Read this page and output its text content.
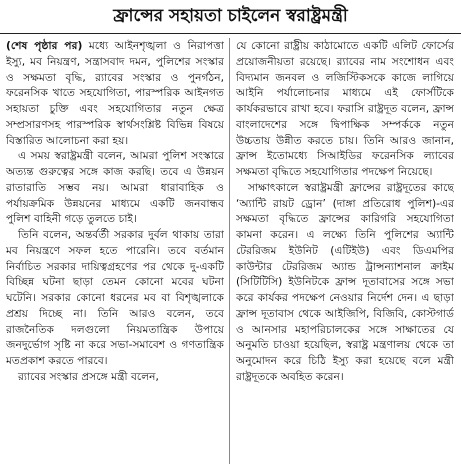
ফ্রান্সের সহায়তা চাইলেন স্বরাষ্ট্রমন্ত্রী

(শেষ পৃষ্ঠার পর) মধ্যে আইনশৃঙ্খলা ও নিরাপত্তা ইস্যু, মব নিয়ন্ত্রণ, সন্ত্রাসবাদ দমন, পুলিশের সংস্কার ও সক্ষমতা বৃদ্ধি, র‌্যাবের সংস্কার ও পুনর্গঠন, ফরেনসিক খাতে সহযোগিতা, পারস্পরিক আইনগত সহায়তা চুক্তি এবং সহযোগিতার নতুন ক্ষেত্র সম্প্রসারণসহ পারস্পরিক স্বার্থসংশ্লিষ্ট বিভিন্ন বিষয়ে বিস্তারিত আলোচনা করা হয়।

এ সময় স্বরাষ্ট্রমন্ত্রী বলেন, আমরা পুলিশ সংস্কারে অত্যন্ত গুরুত্বের সঙ্গে কাজ করছি। তবে এ উন্নয়ন রাতারাতি সম্ভব নয়। আমরা ধারাবাহিক ও পর্যায়ক্রমিক উন্নয়নের মাধ্যমে একটি জনবান্ধব পুলিশ বাহিনী গড়ে তুলতে চাই।

তিনি বলেন, অন্তর্বর্তী সরকার দুর্বল থাকায় তারা মব নিয়ন্ত্রণে সফল হতে পারেনি। তবে বর্তমান নির্বাচিত সরকার দায়িত্বগ্রহণের পর থেকে দু-একটি বিচ্ছিন্ন ঘটনা ছাড়া তেমন কোনো মবের ঘটনা ঘটেনি। সরকার কোনো ধরনের মব বা বিশৃঙ্খলাকে প্রশ্রয় দিচ্ছে না। তিনি আরও বলেন, তবে রাজনৈতিক দলগুলো নিয়মতান্ত্রিক উপায়ে জনদুর্ভোগ সৃষ্টি না করে সভা-সমাবেশ ও গণতান্ত্রিক মতপ্রকাশ করতে পারবে।

র‌্যাবের সংস্কার প্রসঙ্গে মন্ত্রী বলেন,

যে কোনো রাষ্ট্রীয় কাঠামোতে একটি এলিট ফোর্সের প্রয়োজনীয়তা রয়েছে। র‌্যাবের নাম সংশোধন এবং বিদ্যমান জনবল ও লজিস্টিকসকে কাজে লাগিয়ে আইনি পর্যালোচনার মাধ্যমে এই ফোর্সটিকে কার্যকরভাবে রাখা হবে। ফরাসি রাষ্ট্রদূত বলেন, ফ্রান্স বাংলাদেশের সঙ্গে দ্বিপাক্ষিক সম্পর্ককে নতুন উচ্চতায় উন্নীত করতে চায়। তিনি আরও জানান, ফ্রান্স ইতোমধ্যে সিআইডির ফরেনসিক ল্যাবের সক্ষমতা বৃদ্ধিতে সহযোগিতার পদক্ষেপ নিয়েছে।

সাক্ষাৎকালে স্বরাষ্ট্রমন্ত্রী ফ্রান্সের রাষ্ট্রদূতের কাছে ‘অ্যান্টি রায়ট ড্রোন’ (দাঙ্গা প্রতিরোধ পুলিশ)-এর সক্ষমতা বৃদ্ধিতে ফ্রান্সের কারিগরি সহযোগিতা কামনা করেন। এ লক্ষ্যে তিনি পুলিশের অ্যান্টি টেররিজম ইউনিট (এটিইউ) এবং ডিএমপির কাউন্টার টেররিজম অ্যান্ড ট্রান্সন্যাশনাল ক্রাইম (সিটিটিসি) ইউনিটকে ফ্রান্স দূতাবাসের সঙ্গে সভা করে কার্যকর পদক্ষেপ নেওয়ার নির্দেশ দেন। এ ছাড়া ফ্রান্স দূতাবাস থেকে আইজিপি, বিজিবি, কোস্টগার্ড ও আনসার মহাপরিচালকের সঙ্গে সাক্ষাতের যে অনুমতি চাওয়া হয়েছিল, স্বরাষ্ট্র মন্ত্রণালয় থেকে তা অনুমোদন করে চিঠি ইস্যু করা হয়েছে বলে মন্ত্রী রাষ্ট্রদূতকে অবহিত করেন।
